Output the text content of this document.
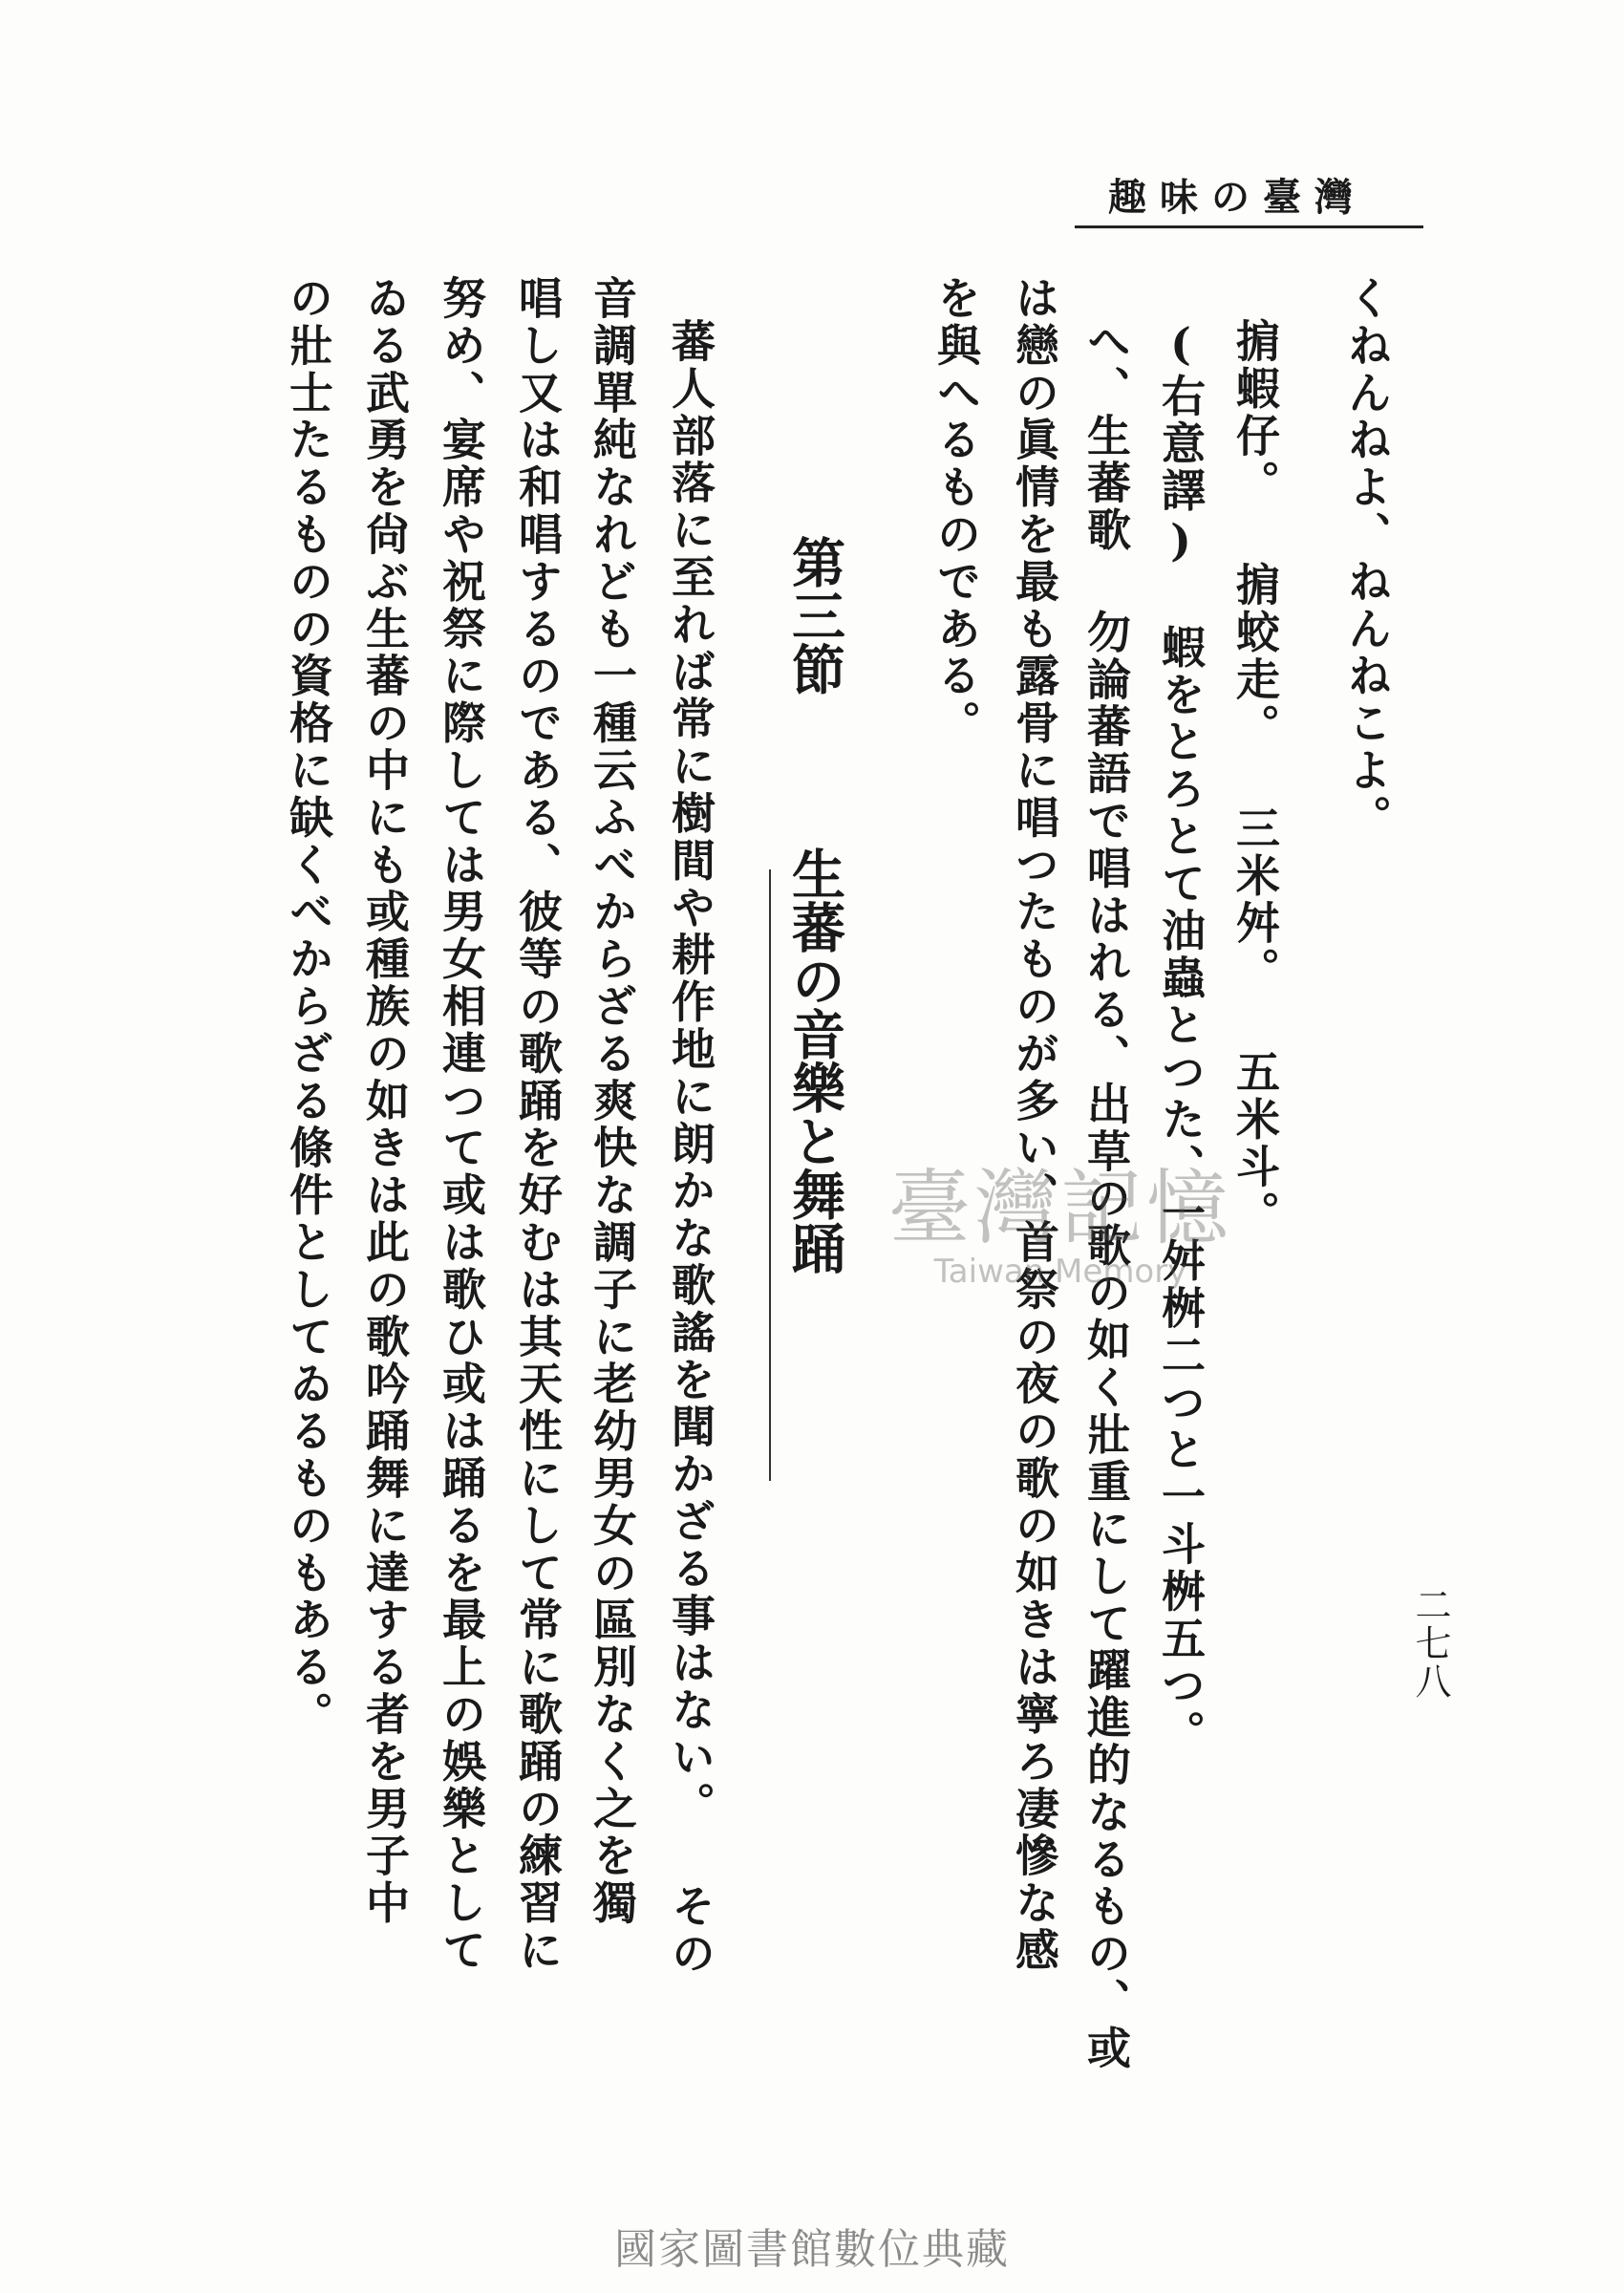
趣味の臺灣
二七八
くねんねよ、ねんねこよ。
掮蝦仔。 掮蛟走。 三米舛。 五米斗。
(右意譯) 蝦をとろとて油蟲とつた、一舛桝二つと一斗桝五つ。
へ、生蕃歌 勿論蕃語で唱はれる、出草の歌の如く壯重にして躍進的なるもの、或
は戀の眞情を最も露骨に唱つたものが多い、首祭の夜の歌の如きは寧ろ凄慘な感
を與へるものである。
第三節 生蕃の音樂と舞踊
蕃人部落に至れば常に樹間や耕作地に朗かな歌謠を聞かざる事はない。 その
音調單純なれども一種云ふべからざる爽快な調子に老幼男女の區別なく之を獨
唱し又は和唱するのである、彼等の歌踊を好むは其天性にして常に歌踊の練習に
努め、宴席や祝祭に際しては男女相連つて或は歌ひ或は踊るを最上の娛樂として
ゐる武勇を尙ぶ生蕃の中にも或種族の如きは此の歌吟踊舞に達する者を男子中
の壯士たるものの資格に缺くべからざる條件としてゐるものもある。	臺灣記憶
Taiwan Memory
國家圖書館數位典藏
